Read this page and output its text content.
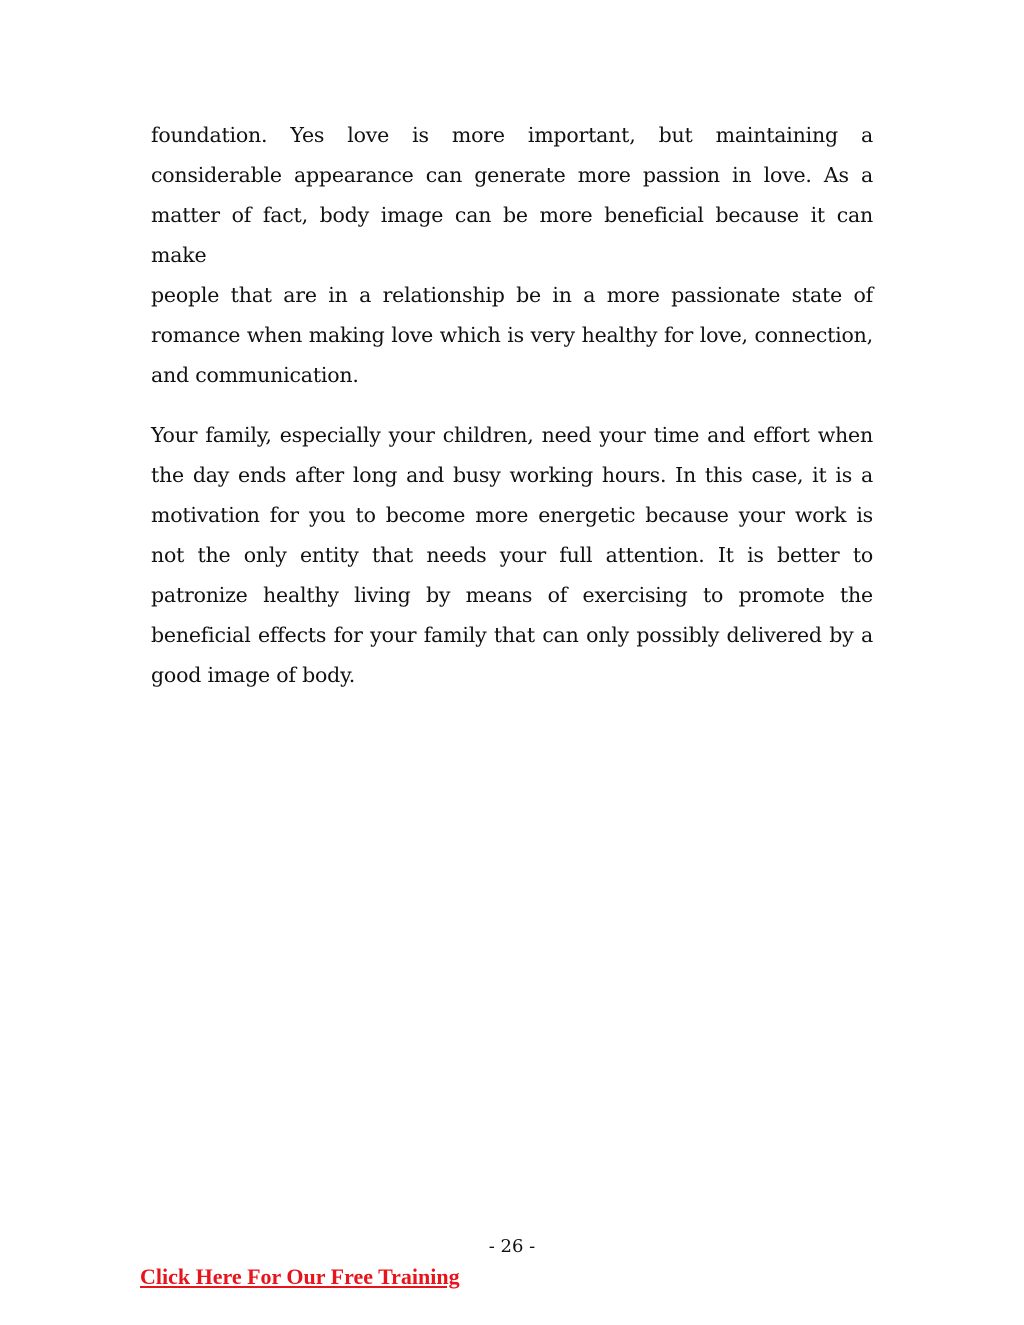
foundation. Yes love is more important, but maintaining a
considerable appearance can generate more passion in love. As a
matter of fact, body image can be more beneficial because it can make
people that are in a relationship be in a more passionate state of
romance when making love which is very healthy for love, connection,
and communication.

Your family, especially your children, need your time and effort when
the day ends after long and busy working hours. In this case, it is a
motivation for you to become more energetic because your work is
not the only entity that needs your full attention. It is better to
patronize healthy living by means of exercising to promote the
beneficial effects for your family that can only possibly delivered by a
good image of body.

- 26 -
Click Here For Our Free Training
